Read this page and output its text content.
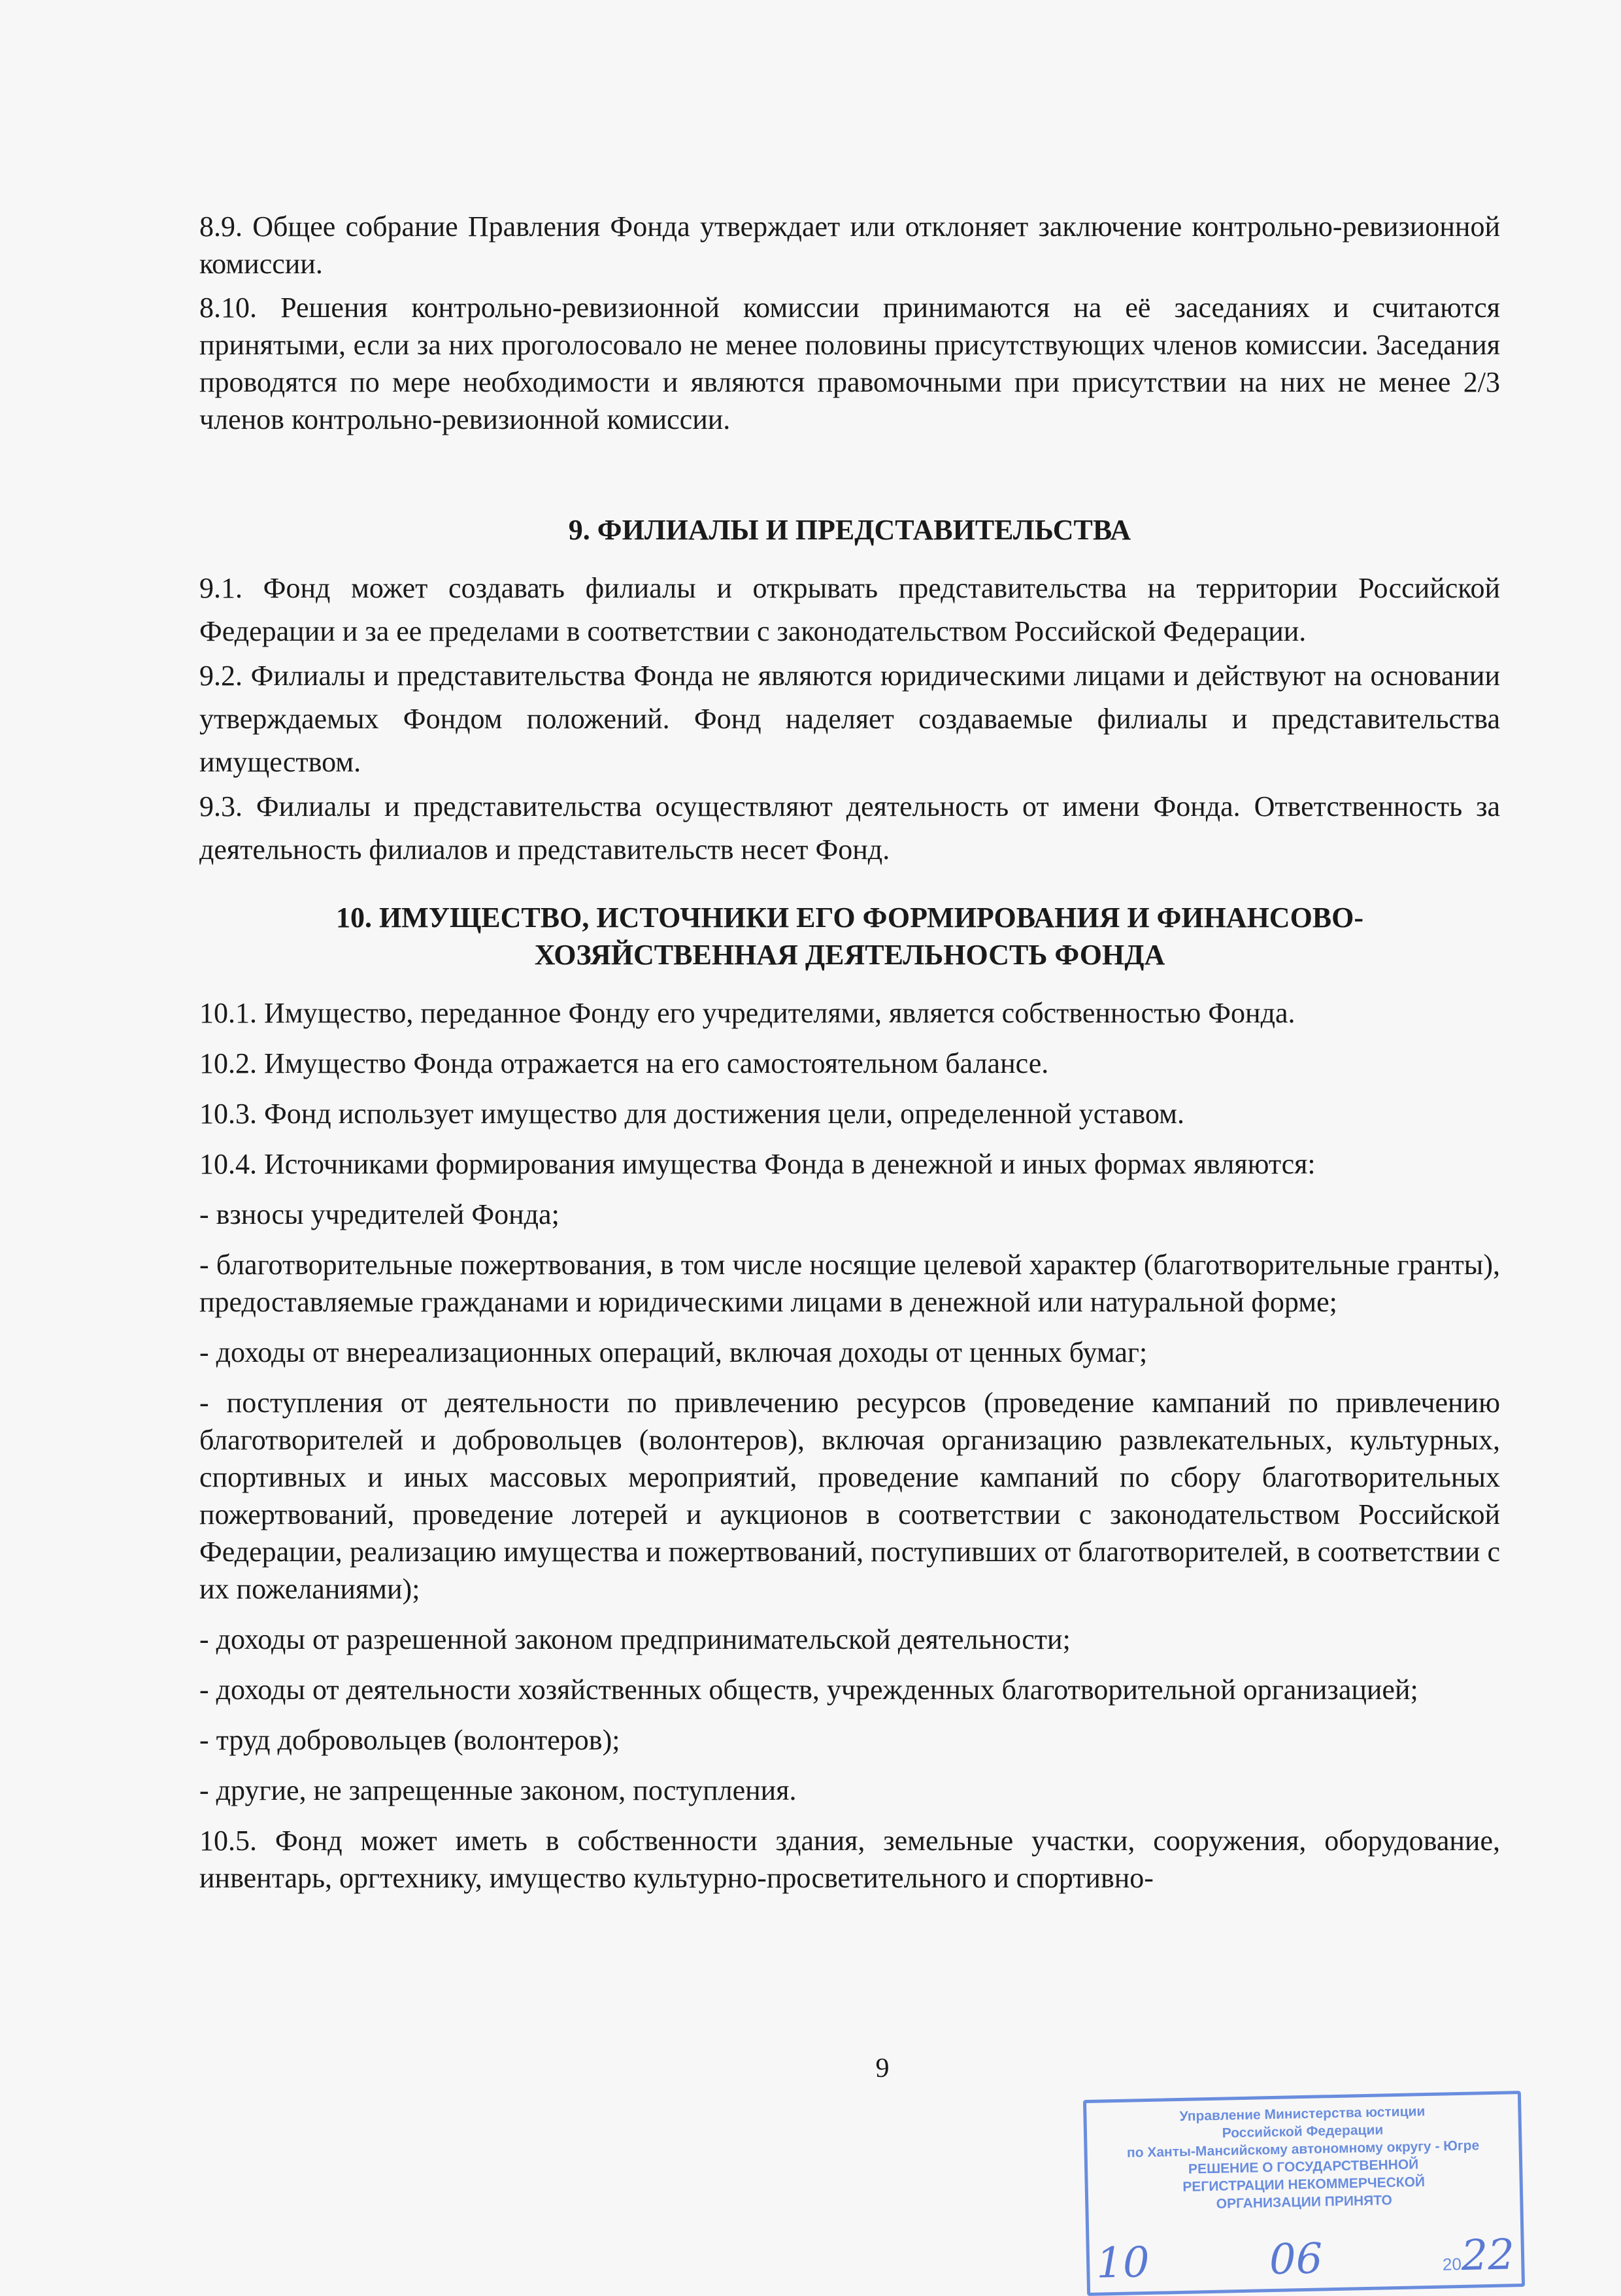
8.9. Общее собрание Правления Фонда утверждает или отклоняет заключение контрольно-ревизионной комиссии.

8.10. Решения контрольно-ревизионной комиссии принимаются на её заседаниях и считаются принятыми, если за них проголосовало не менее половины присутствующих членов комиссии. Заседания проводятся по мере необходимости и являются правомочными при присутствии на них не менее 2/3 членов контрольно-ревизионной комиссии.

9. ФИЛИАЛЫ И ПРЕДСТАВИТЕЛЬСТВА

9.1. Фонд может создавать филиалы и открывать представительства на территории Российской Федерации и за ее пределами в соответствии с законодательством Российской Федерации.

9.2. Филиалы и представительства Фонда не являются юридическими лицами и действуют на основании утверждаемых Фондом положений. Фонд наделяет создаваемые филиалы и представительства имуществом.

9.3. Филиалы и представительства осуществляют деятельность от имени Фонда. Ответственность за деятельность филиалов и представительств несет Фонд.

10. ИМУЩЕСТВО, ИСТОЧНИКИ ЕГО ФОРМИРОВАНИЯ И ФИНАНСОВО-

ХОЗЯЙСТВЕННАЯ ДЕЯТЕЛЬНОСТЬ ФОНДА

10.1. Имущество, переданное Фонду его учредителями, является собственностью Фонда.

10.2. Имущество Фонда отражается на его самостоятельном балансе.

10.3. Фонд использует имущество для достижения цели, определенной уставом.

10.4. Источниками формирования имущества Фонда в денежной и иных формах являются:

- взносы учредителей Фонда;

- благотворительные пожертвования, в том числе носящие целевой характер (благотворительные гранты), предоставляемые гражданами и юридическими лицами в денежной или натуральной форме;

- доходы от внереализационных операций, включая доходы от ценных бумаг;

- поступления от деятельности по привлечению ресурсов (проведение кампаний по привлечению благотворителей и добровольцев (волонтеров), включая организацию развлекательных, культурных, спортивных и иных массовых мероприятий, проведение кампаний по сбору благотворительных пожертвований, проведение лотерей и аукционов в соответствии с законодательством Российской Федерации, реализацию имущества и пожертвований, поступивших от благотворителей, в соответствии с их пожеланиями);

- доходы от разрешенной законом предпринимательской деятельности;

- доходы от деятельности хозяйственных обществ, учрежденных благотворительной организацией;

- труд добровольцев (волонтеров);

- другие, не запрещенные законом, поступления.

10.5. Фонд может иметь в собственности здания, земельные участки, сооружения, оборудование, инвентарь, оргтехнику, имущество культурно-просветительного и спортивно-

9
Управление Министерства юстиции
Российской Федерации
по Ханты-Мансийскому автономному округу - Югре
РЕШЕНИЕ О ГОСУДАРСТВЕННОЙ
РЕГИСТРАЦИИ НЕКОММЕРЧЕСКОЙ
ОРГАНИЗАЦИИ ПРИНЯТО
10	06	2022
